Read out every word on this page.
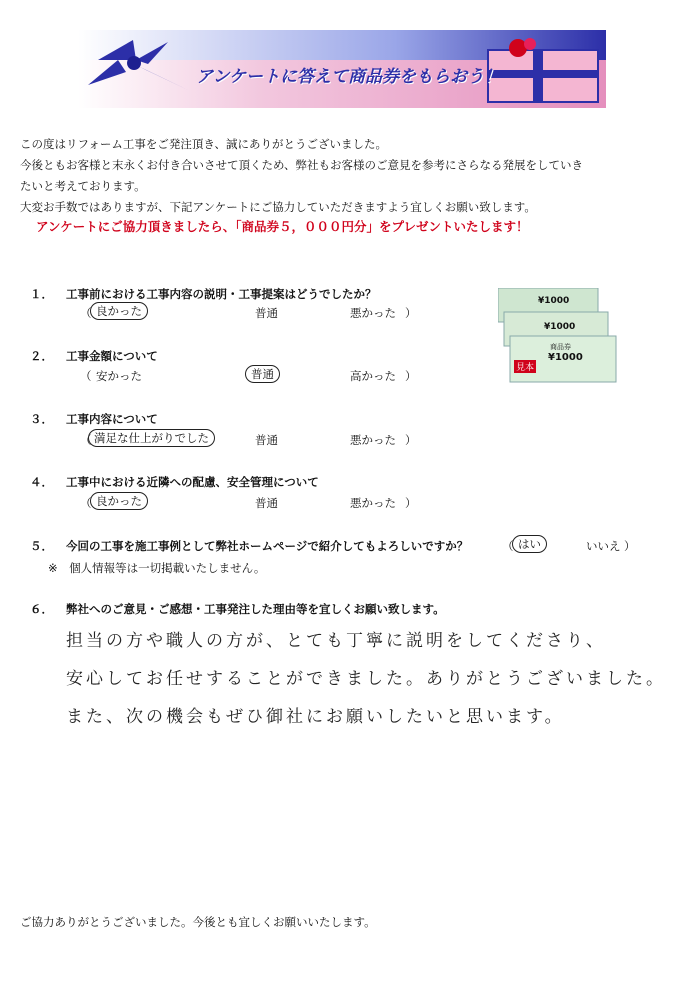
アンケートに答えて商品券をもらおう！
この度はリフォーム工事をご発注頂き、誠にありがとうございました。
今後ともお客様と末永くお付き合いさせて頂くため、弊社もお客様のご意見を参考にさらなる発展をしていき
たいと考えております。
大変お手数ではありますが、下記アンケートにご協力していただきますよう宜しくお願い致します。
アンケートにご協力頂きましたら、「商品券５，０００円分」をプレゼントいたします！
¥1000
¥1000
商品券
¥1000
見本
１． 工事前における工事内容の説明・工事提案はどうでしたか？
（ 良かった	普通	悪かった ）
２． 工事金額について
（ 安かった	普通	高かった ）
３． 工事内容について
（ 満足な仕上がりでした	普通	悪かった ）
４． 工事中における近隣への配慮、安全管理について
（ 良かった	普通	悪かった ）
５． 今回の工事を施工事例として弊社ホームページで紹介してもよろしいですか？	（ はい	いいえ ）
※　個人情報等は一切掲載いたしません。
６． 弊社へのご意見・ご感想・工事発注した理由等を宜しくお願い致します。
担当の方や職人の方が、とても丁寧に説明をしてくださり、
安心してお任せすることができました。ありがとうございました。
また、次の機会もぜひ御社にお願いしたいと思います。
ご協力ありがとうございました。今後とも宜しくお願いいたします。
